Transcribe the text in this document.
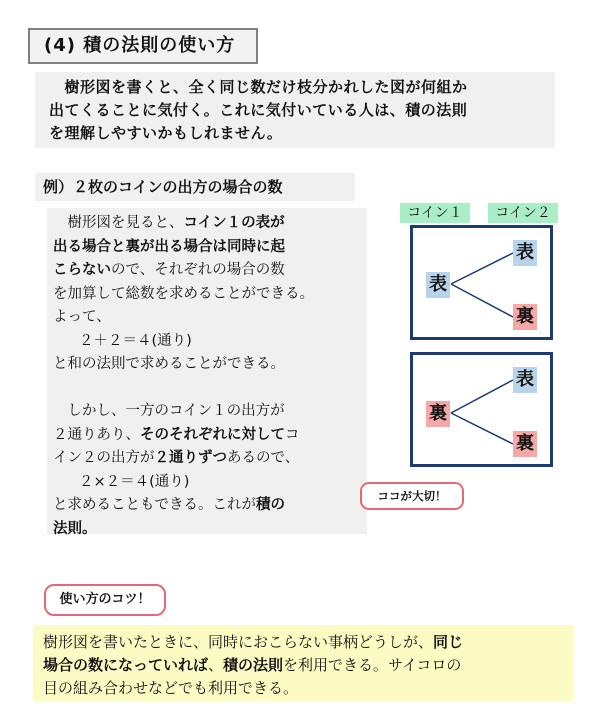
(4) 積の法則の使い方
　樹形図を書くと、全く同じ数だけ枝分かれした図が何組か
出てくることに気付く。これに気付いている人は、積の法則
を理解しやすいかもしれません。
例）２枚のコインの出方の場合の数
　樹形図を見ると、コイン１の表が
出る場合と裏が出る場合は同時に起
こらないので、それぞれの場合の数
を加算して総数を求めることができる。
よって、
２＋２＝４(通り)
と和の法則で求めることができる。
　しかし、一方のコイン１の出方が
２通りあり、そのそれぞれに対してコ
イン２の出方が２通りずつあるので、
２×２＝４(通り)
と求めることもできる。これが積の
法則。
コイン１	コイン２
表
表
裏
裏
表
裏
ココが大切！
使い方のコツ！
樹形図を書いたときに、同時におこらない事柄どうしが、同じ
場合の数になっていれば、積の法則を利用できる。サイコロの
目の組み合わせなどでも利用できる。
